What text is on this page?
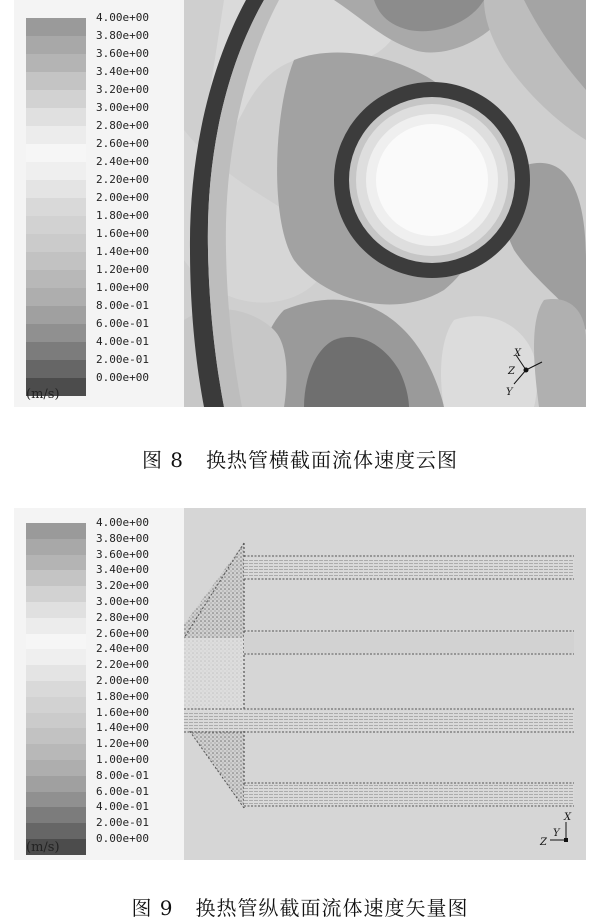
4.00e+00
3.80e+00
3.60e+00
3.40e+00
3.20e+00
3.00e+00
2.80e+00
2.60e+00
2.40e+00
2.20e+00
2.00e+00
1.80e+00
1.60e+00
1.40e+00
1.20e+00
1.00e+00
8.00e-01
6.00e-01
4.00e-01
2.00e-01
0.00e+00
(m/s)
X
Z
Y
图 8 换热管横截面流体速度云图
4.00e+00
3.80e+00
3.60e+00
3.40e+00
3.20e+00
3.00e+00
2.80e+00
2.60e+00
2.40e+00
2.20e+00
2.00e+00
1.80e+00
1.60e+00
1.40e+00
1.20e+00
1.00e+00
8.00e-01
6.00e-01
4.00e-01
2.00e-01
0.00e+00
(m/s)
X
Y
Z
图 9 换热管纵截面流体速度矢量图
